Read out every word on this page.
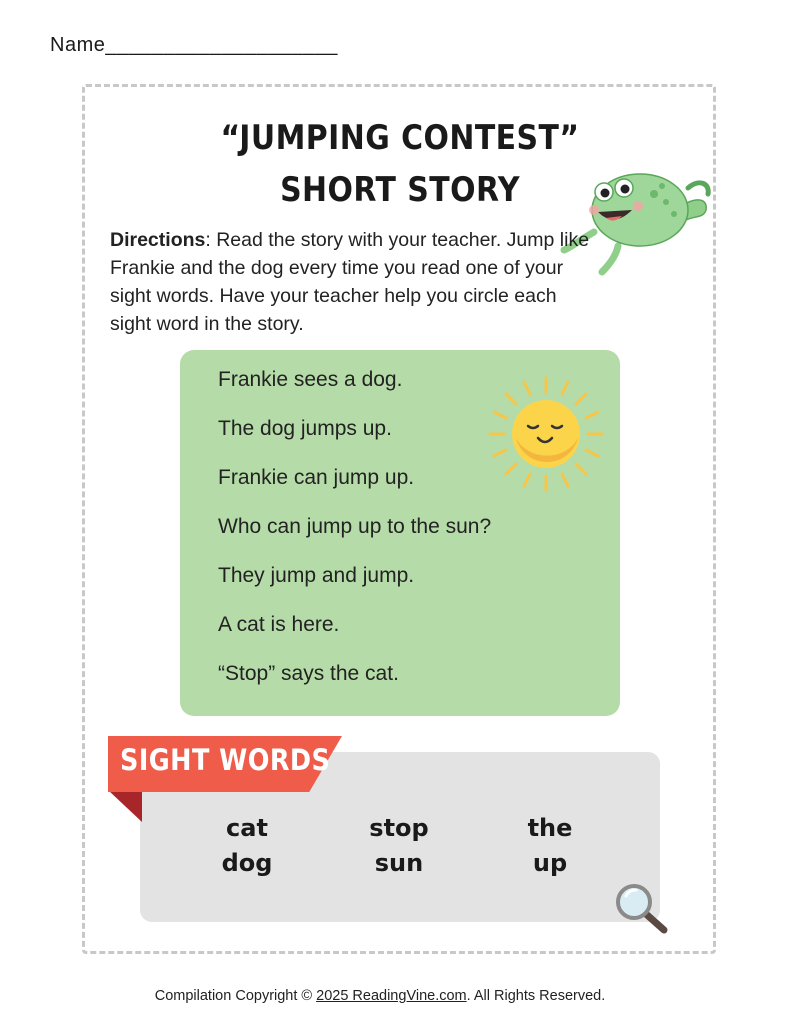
Name____________________
“JUMPING CONTEST”
SHORT STORY
Directions: Read the story with your teacher. Jump like Frankie and the dog every time you read one of your sight words. Have your teacher help you circle each sight word in the story.
Frankie sees a dog.
The dog jumps up.
Frankie can jump up.
Who can jump up to the sun?
They jump and jump.
A cat is here.
“Stop” says the cat.
SIGHT WORDS
cat	stop	the
dog	sun	up
Compilation Copyright © 2025 ReadingVine.com. All Rights Reserved.
